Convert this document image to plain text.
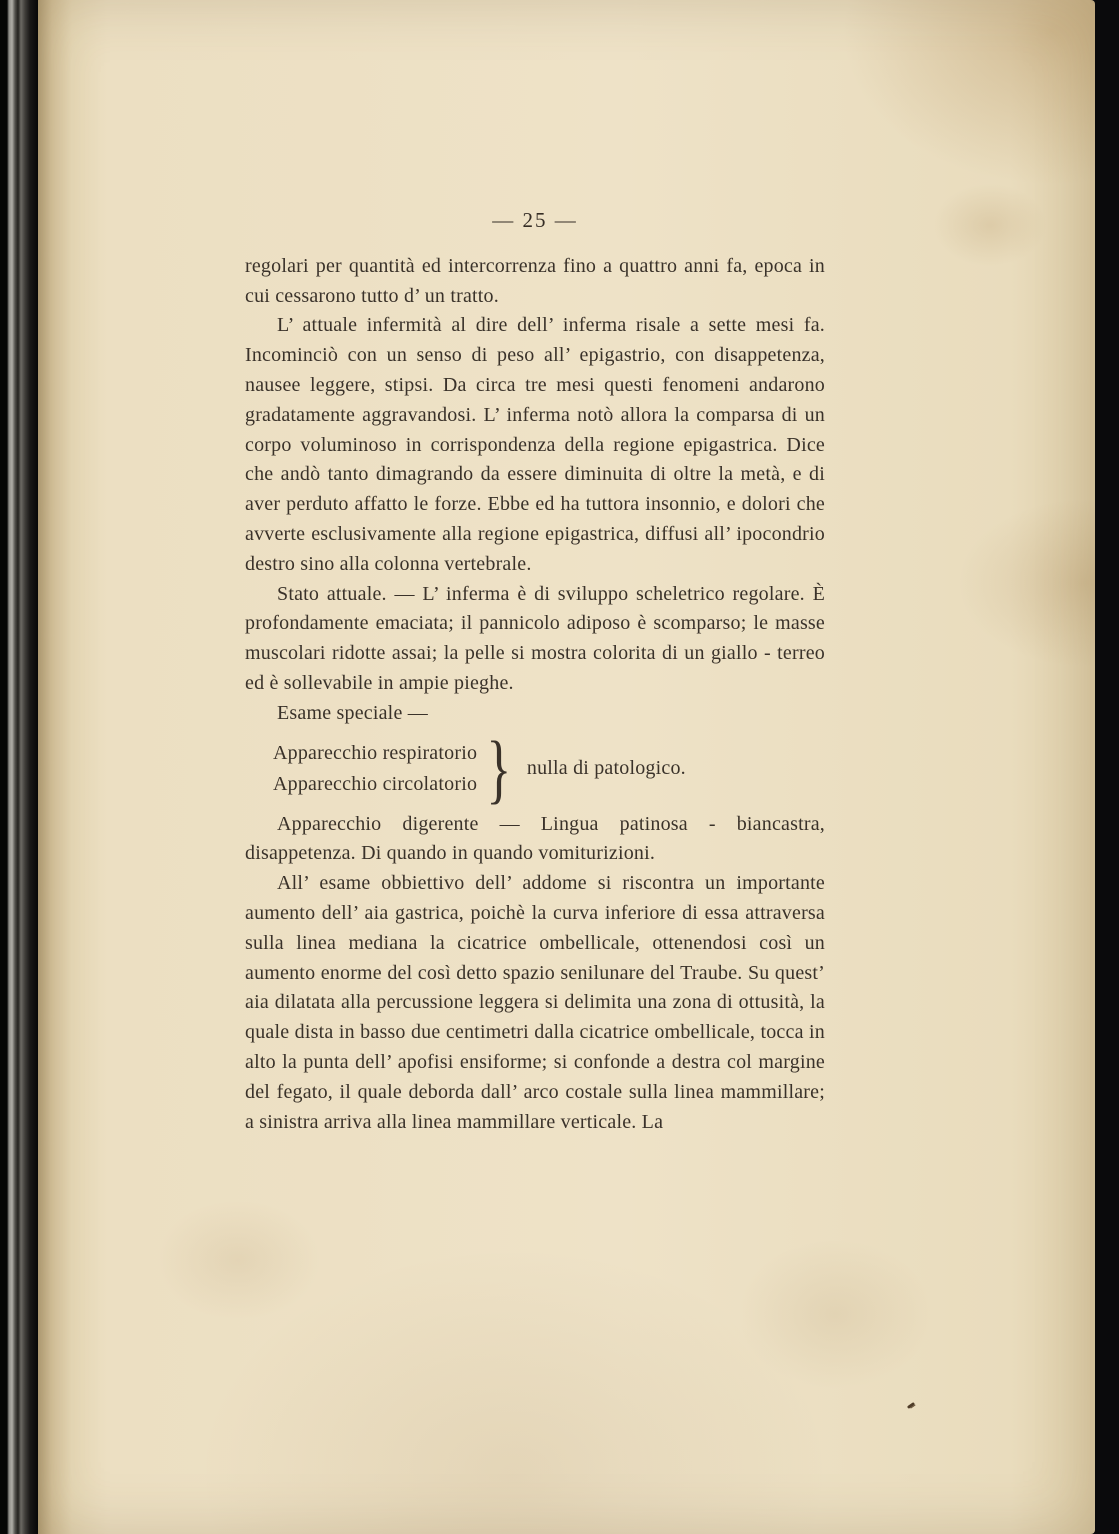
— 25 —

regolari per quantità ed intercorrenza fino a quattro anni fa, epoca in cui cessarono tutto d’ un tratto.

L’ attuale infermità al dire dell’ inferma risale a sette mesi fa. Incominciò con un senso di peso all’ epigastrio, con disappetenza, nausee leggere, stipsi. Da circa tre mesi questi fenomeni andarono gradatamente aggravandosi. L’ inferma notò allora la comparsa di un corpo voluminoso in corrispondenza della regione epigastrica. Dice che andò tanto dimagrando da essere diminuita di oltre la metà, e di aver perduto affatto le forze. Ebbe ed ha tuttora insonnio, e dolori che avverte esclusivamente alla regione epigastrica, diffusi all’ ipocondrio destro sino alla colonna vertebrale.

Stato attuale. — L’ inferma è di sviluppo scheletrico regolare. È profondamente emaciata; il pannicolo adiposo è scomparso; le masse muscolari ridotte assai; la pelle si mostra colorita di un giallo - terreo ed è sollevabile in ampie pieghe.

Esame speciale —

Apparecchio respiratorio
Apparecchio circolatorio } nulla di patologico.

Apparecchio digerente — Lingua patinosa - biancastra, disappetenza. Di quando in quando vomiturizioni.

All’ esame obbiettivo dell’ addome si riscontra un importante aumento dell’ aia gastrica, poichè la curva inferiore di essa attraversa sulla linea mediana la cicatrice ombellicale, ottenendosi così un aumento enorme del così detto spazio senilunare del Traube. Su quest’ aia dilatata alla percussione leggera si delimita una zona di ottusità, la quale dista in basso due centimetri dalla cicatrice ombellicale, tocca in alto la punta dell’ apofisi ensiforme; si confonde a destra col margine del fegato, il quale deborda dall’ arco costale sulla linea mammillare; a sinistra arriva alla linea mammillare verticale. La
